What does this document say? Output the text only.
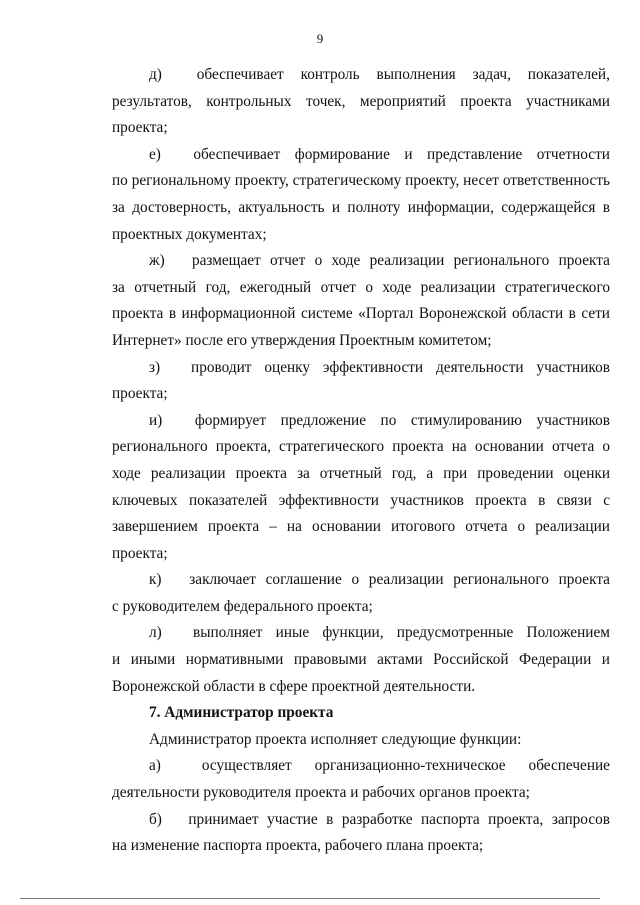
9
д) обеспечивает контроль выполнения задач, показателей,
результатов, контрольных точек, мероприятий проекта участниками проекта;
е) обеспечивает формирование и представление отчетности
по региональному проекту, стратегическому проекту, несет ответственность за достоверность, актуальность и полноту информации, содержащейся в проектных документах;
ж) размещает отчет о ходе реализации регионального проекта
за отчетный год, ежегодный отчет о ходе реализации стратегического проекта в информационной системе «Портал Воронежской области в сети Интернет» после его утверждения Проектным комитетом;
з) проводит оценку эффективности деятельности участников
проекта;
и) формирует предложение по стимулированию участников
регионального проекта, стратегического проекта на основании отчета о ходе реализации проекта за отчетный год, а при проведении оценки ключевых показателей эффективности участников проекта в связи с завершением проекта – на основании итогового отчета о реализации проекта;
к) заключает соглашение о реализации регионального проекта
с руководителем федерального проекта;
л) выполняет иные функции, предусмотренные Положением
и иными нормативными правовыми актами Российской Федерации и Воронежской области в сфере проектной деятельности.

7. Администратор проекта

Администратор проекта исполняет следующие функции:

а)	осуществляет организационно-техническое обеспечение
деятельности руководителя проекта и рабочих органов проекта;
б) принимает участие в разработке паспорта проекта, запросов
на изменение паспорта проекта, рабочего плана проекта;
